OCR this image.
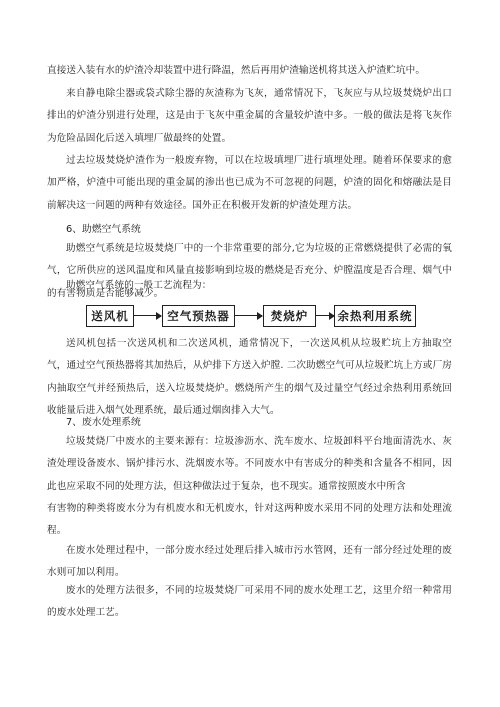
直接送入装有水的炉渣冷却装置中进行降温，然后再用炉渣输送机将其送入炉渣贮坑中。

来自静电除尘器或袋式除尘器的灰渣称为飞灰，通常情况下，飞灰应与从垃圾焚烧炉出口排出的炉渣分别进行处理，这是由于飞灰中重金属的含量较炉渣中多。一般的做法是将飞灰作为危险品固化后送入填埋厂做最终的处置。

过去垃圾焚烧炉渣作为一般废弃物，可以在垃圾填埋厂进行填埋处理。随着环保要求的愈加严格，炉渣中可能出现的重金属的渗出也已成为不可忽视的问题，炉渣的固化和熔融法是目前解决这一问题的两种有效途径。国外正在积极开发新的炉渣处理方法。

6、助燃空气系统

助燃空气系统是垃圾焚烧厂中的一个非常重要的部分,它为垃圾的正常燃烧提供了必需的氧气，它所供应的送风温度和风量直接影响到垃圾的燃烧是否充分、炉膛温度是否合理、烟气中的有害物质是否能够减少。

助燃空气系统的一般工艺流程为：

送风机	空气预热器	焚烧炉	余热利用系统

送风机包括一次送风机和二次送风机，通常情况下，一次送风机从垃圾贮坑上方抽取空气，通过空气预热器将其加热后，从炉排下方送入炉膛. 二次助燃空气可从垃圾贮坑上方或厂房内抽取空气并经预热后，送入垃圾焚烧炉。燃烧所产生的烟气及过量空气经过余热利用系统回收能量后进入烟气处理系统，最后通过烟囱排入大气。

7、废水处理系统

垃圾焚烧厂中废水的主要来源有：垃圾渗沥水、洗车废水、垃圾卸料平台地面清洗水、灰渣处理设备废水、锅炉排污水、洗烟废水等。不同废水中有害成分的种类和含量各不相同，因此也应采取不同的处理方法，但这种做法过于复杂，也不现实。通常按照废水中所含

有害物的种类将废水分为有机废水和无机废水，针对这两种废水采用不同的处理方法和处理流程。

在废水处理过程中，一部分废水经过处理后排入城市污水管网，还有一部分经过处理的废水则可加以利用。

废水的处理方法很多，不同的垃圾焚烧厂可采用不同的废水处理工艺，这里介绍一种常用的废水处理工艺。
